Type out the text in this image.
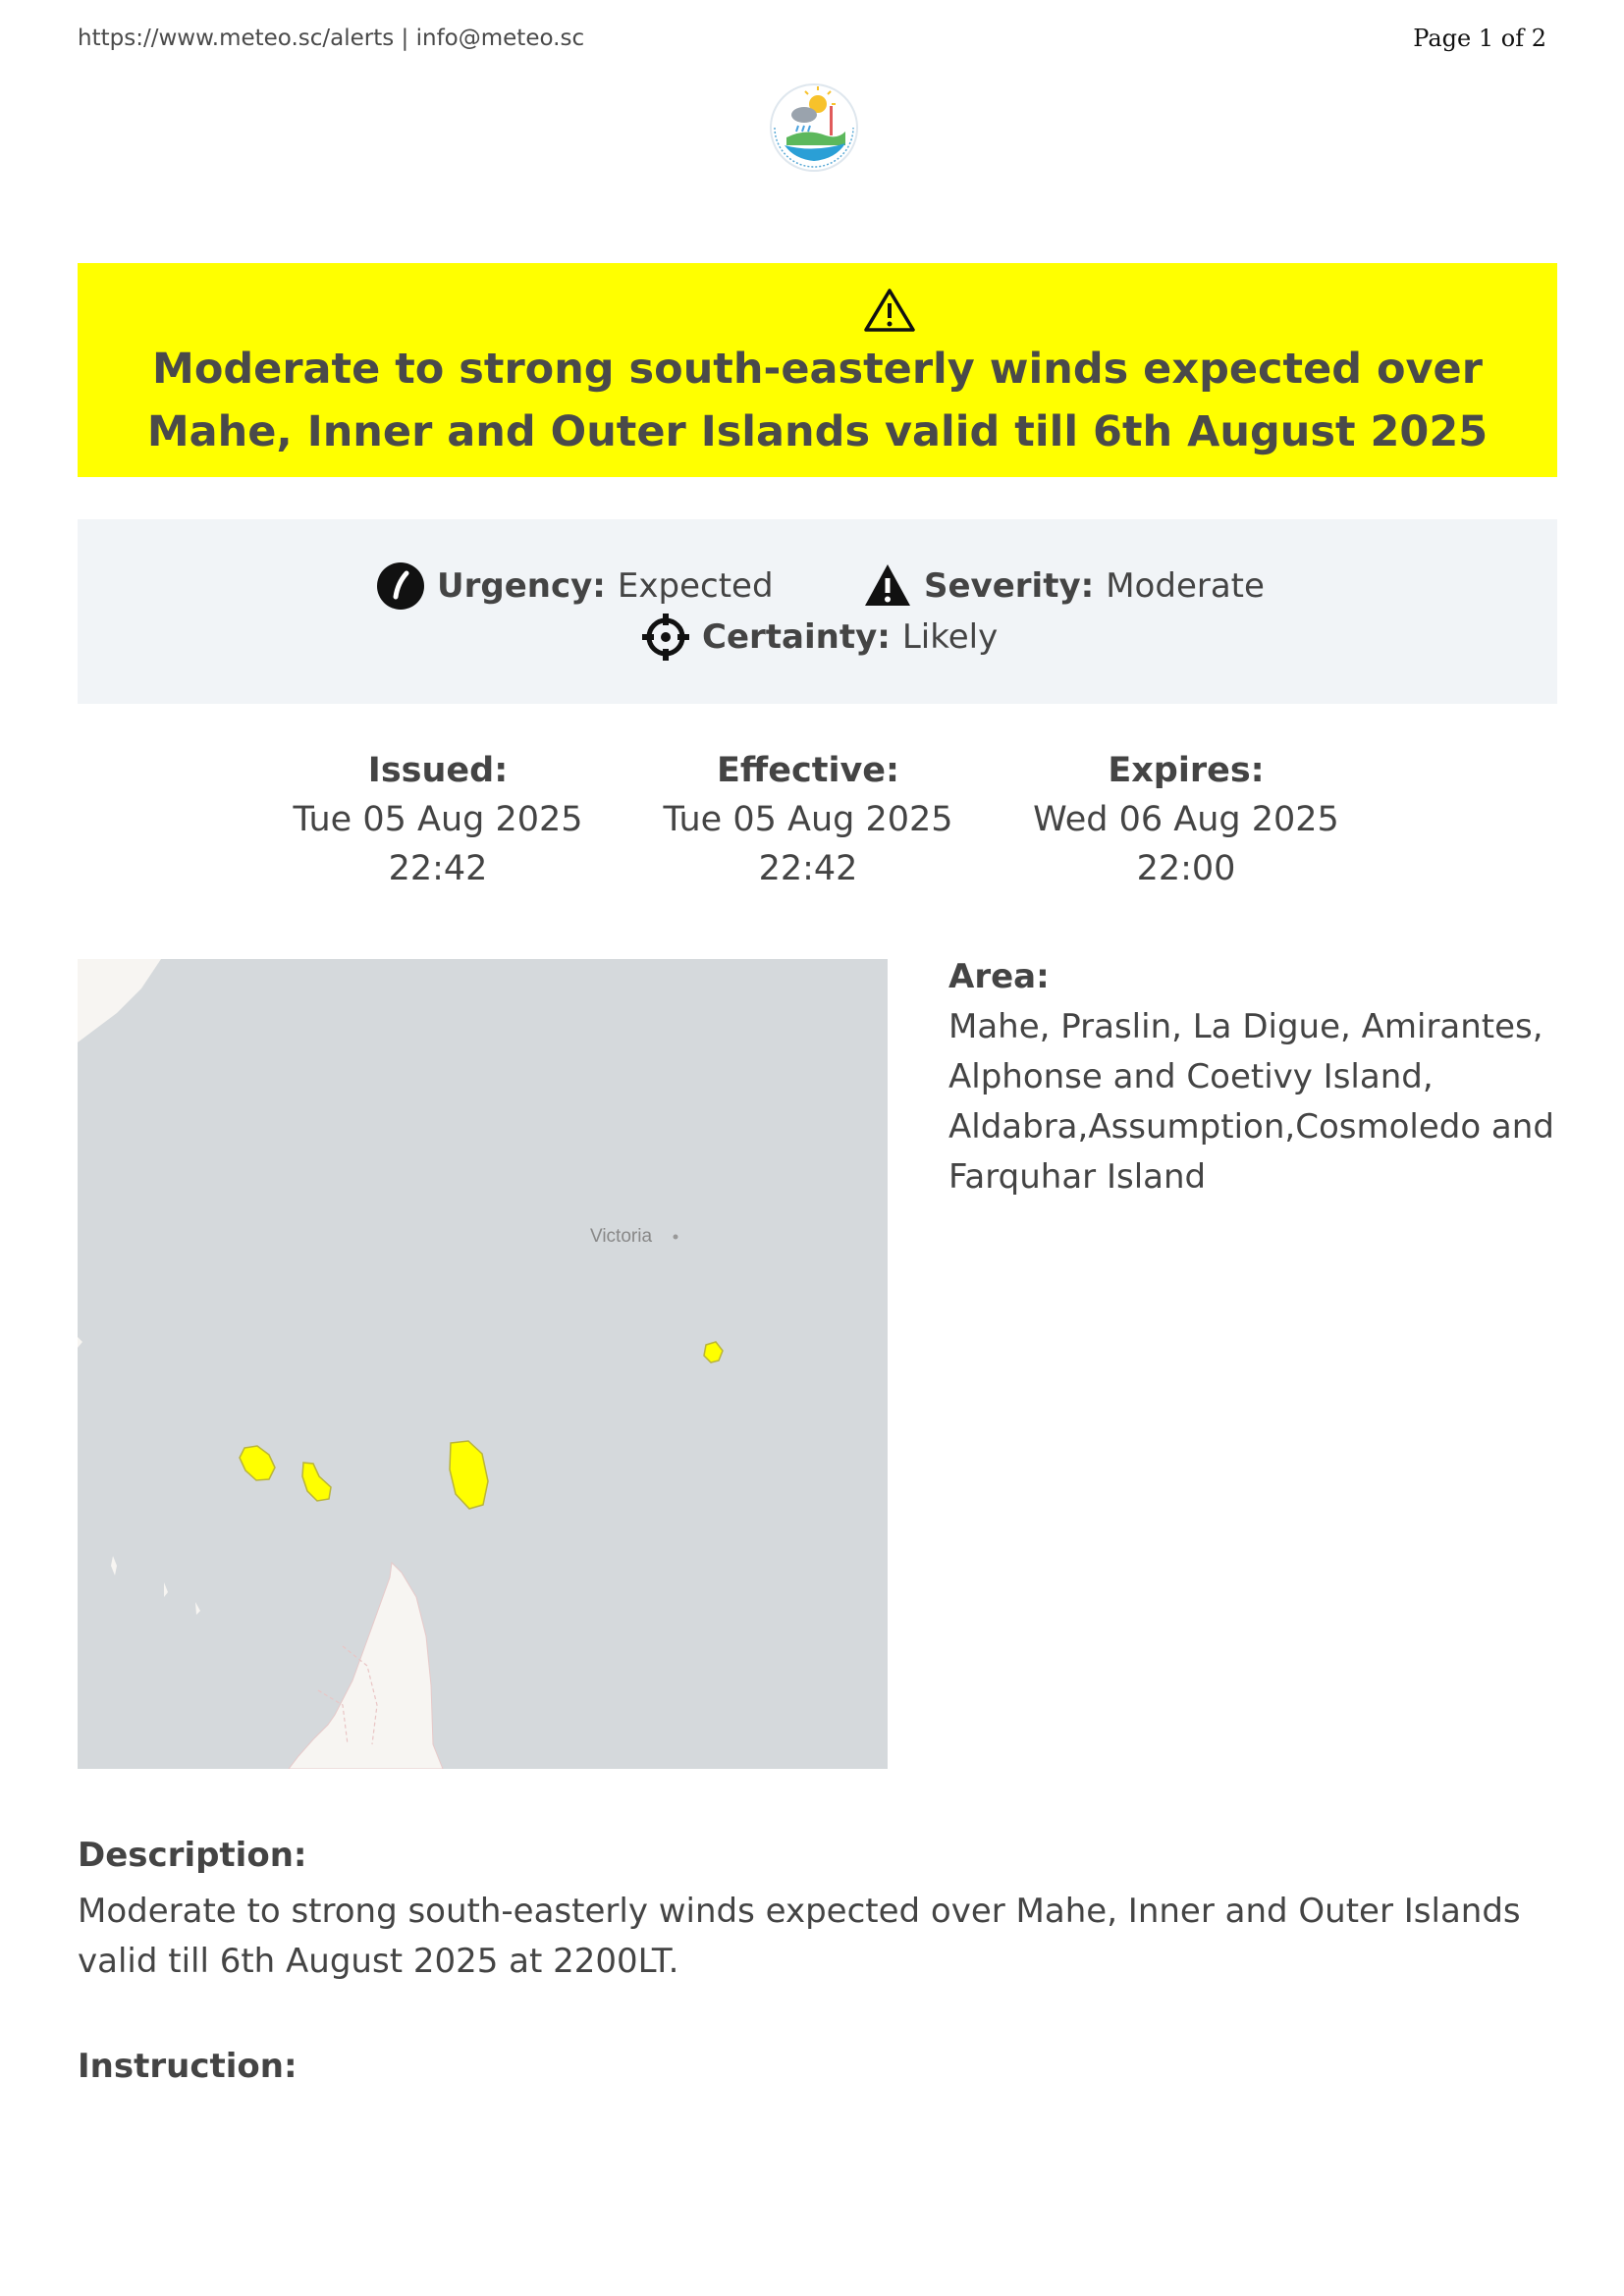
https://www.meteo.sc/alerts | info@meteo.sc	Page 1 of 2
Moderate to strong south-easterly winds expected over Mahe, Inner and Outer Islands valid till 6th August 2025
Urgency: Expected	Severity: Moderate
Certainty: Likely
Issued:
Tue 05 Aug 2025
22:42
Effective:
Tue 05 Aug 2025
22:42
Expires:
Wed 06 Aug 2025
22:00
Victoria
Area:
Mahe, Praslin, La Digue, Amirantes, Alphonse and Coetivy Island, Aldabra,Assumption,Cosmoledo and Farquhar Island
Description:
Moderate to strong south-easterly winds expected over Mahe, Inner and Outer Islands valid till 6th August 2025 at 2200LT.
Instruction:
